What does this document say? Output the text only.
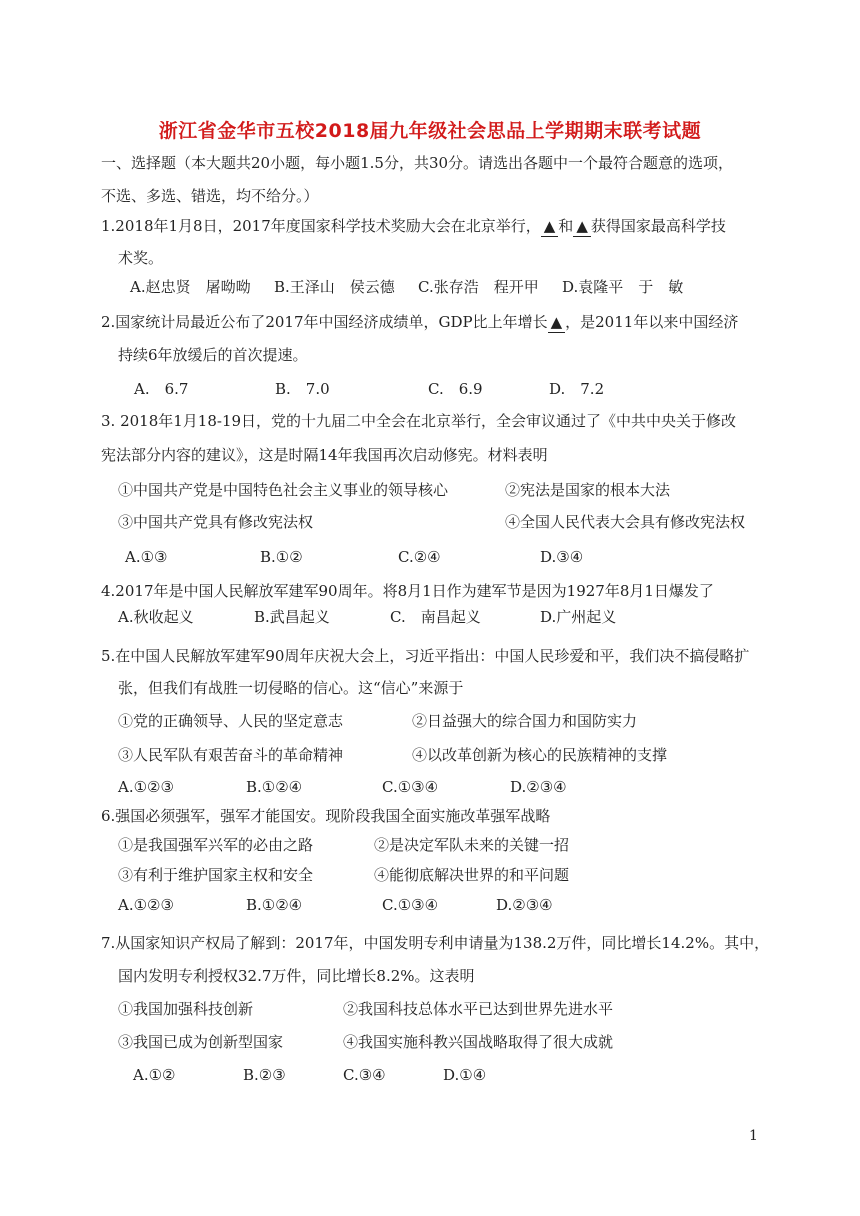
浙江省金华市五校2018届九年级社会思品上学期期末联考试题
一、选择题（本大题共20小题，每小题1.5分，共30分。请选出各题中一个最符合题意的选项，
不选、多选、错选，均不给分。）
1.2018年1月8日，2017年度国家科学技术奖励大会在北京举行， ▲ 和 ▲ 获得国家最高科学技
术奖。
A.赵忠贤　屠呦呦 B.王泽山　侯云德 C.张存浩　程开甲 D.袁隆平　于　敏
2.国家统计局最近公布了2017年中国经济成绩单，GDP比上年增长 ▲ ，是2011年以来中国经济
持续6年放缓后的首次提速。
A.　6.7	B.　7.0	C.　6.9	D.　7.2
3. 2018年1月18-19日，党的十九届二中全会在北京举行，全会审议通过了《中共中央关于修改
宪法部分内容的建议》，这是时隔14年我国再次启动修宪。材料表明
①中国共产党是中国特色社会主义事业的领导核心	②宪法是国家的根本大法
③中国共产党具有修改宪法权	④全国人民代表大会具有修改宪法权
A.①③	B.①②	C.②④	D.③④
4.2017年是中国人民解放军建军90周年。将8月1日作为建军节是因为1927年8月1日爆发了
A.秋收起义	B.武昌起义	C.　南昌起义	D.广州起义
5.在中国人民解放军建军90周年庆祝大会上，习近平指出：中国人民珍爱和平，我们决不搞侵略扩
张，但我们有战胜一切侵略的信心。这“信心”来源于
①党的正确领导、人民的坚定意志	②日益强大的综合国力和国防实力
③人民军队有艰苦奋斗的革命精神	④以改革创新为核心的民族精神的支撑
A.①②③	B.①②④	C.①③④	D.②③④
6.强国必须强军，强军才能国安。现阶段我国全面实施改革强军战略
①是我国强军兴军的必由之路	②是决定军队未来的关键一招
③有利于维护国家主权和安全	④能彻底解决世界的和平问题
A.①②③	B.①②④	C.①③④	D.②③④
7.从国家知识产权局了解到：2017年，中国发明专利申请量为138.2万件，同比增长14.2%。其中，
国内发明专利授权32.7万件，同比增长8.2%。这表明
①我国加强科技创新	②我国科技总体水平已达到世界先进水平
③我国已成为创新型国家	④我国实施科教兴国战略取得了很大成就
A.①②	B.②③	C.③④	D.①④
1
